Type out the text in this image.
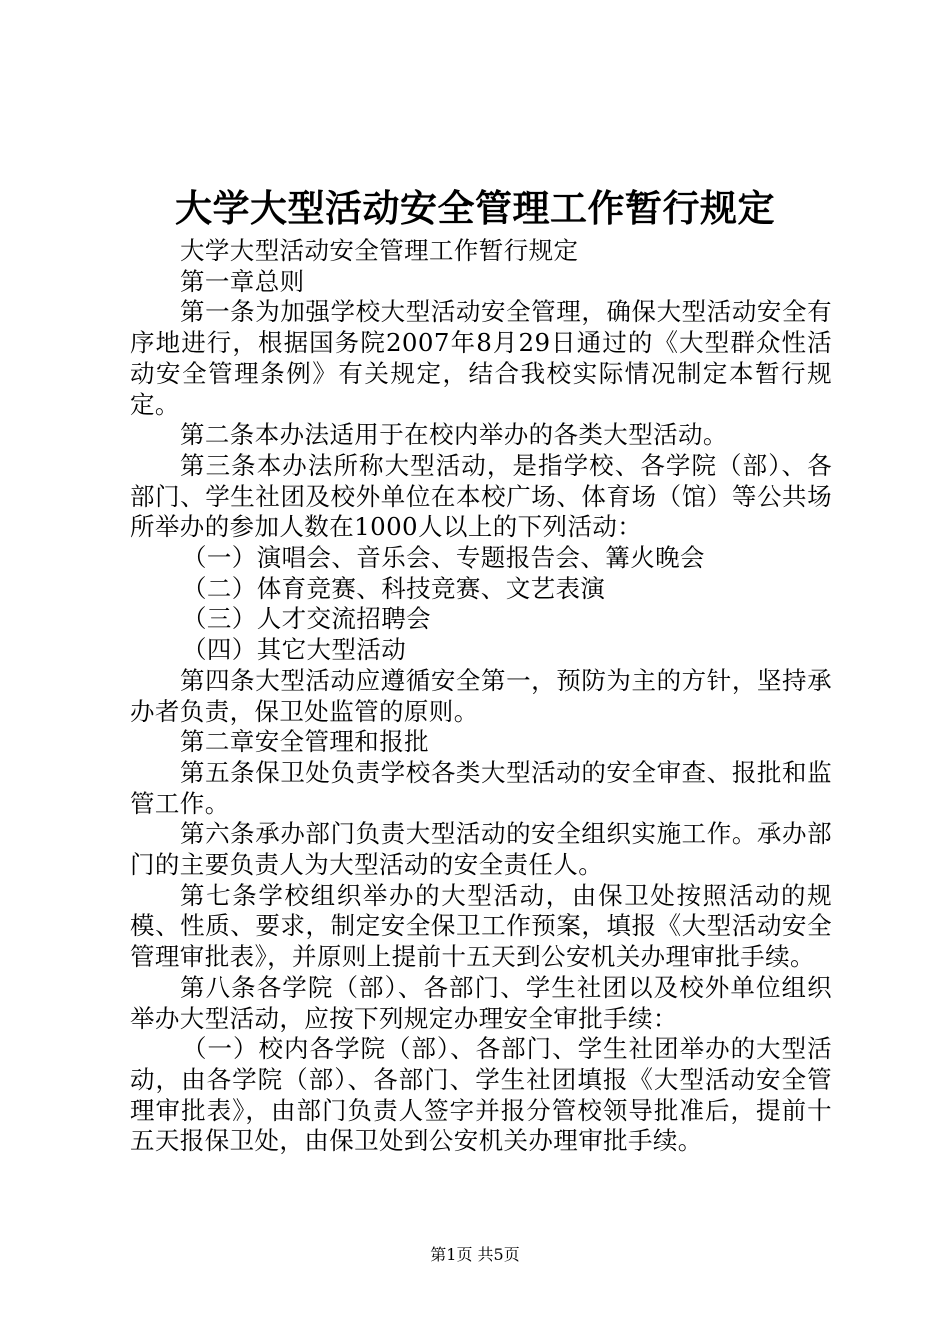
大学大型活动安全管理工作暂行规定

大学大型活动安全管理工作暂行规定

第一章总则

第一条为加强学校大型活动安全管理，确保大型活动安全有序地进行，根据国务院2007年8月29日通过的《大型群众性活动安全管理条例》有关规定，结合我校实际情况制定本暂行规定。

第二条本办法适用于在校内举办的各类大型活动。

第三条本办法所称大型活动，是指学校、各学院（部）、各部门、学生社团及校外单位在本校广场、体育场（馆）等公共场所举办的参加人数在1000人以上的下列活动：

（一）演唱会、音乐会、专题报告会、篝火晚会

（二）体育竞赛、科技竞赛、文艺表演

（三）人才交流招聘会

（四）其它大型活动

第四条大型活动应遵循安全第一，预防为主的方针，坚持承办者负责，保卫处监管的原则。

第二章安全管理和报批

第五条保卫处负责学校各类大型活动的安全审查、报批和监管工作。

第六条承办部门负责大型活动的安全组织实施工作。承办部门的主要负责人为大型活动的安全责任人。

第七条学校组织举办的大型活动，由保卫处按照活动的规模、性质、要求，制定安全保卫工作预案，填报《大型活动安全管理审批表》，并原则上提前十五天到公安机关办理审批手续。

第八条各学院（部）、各部门、学生社团以及校外单位组织举办大型活动，应按下列规定办理安全审批手续：

（一）校内各学院（部）、各部门、学生社团举办的大型活动，由各学院（部）、各部门、学生社团填报《大型活动安全管理审批表》，由部门负责人签字并报分管校领导批准后，提前十五天报保卫处，由保卫处到公安机关办理审批手续。

第1页 共5页
